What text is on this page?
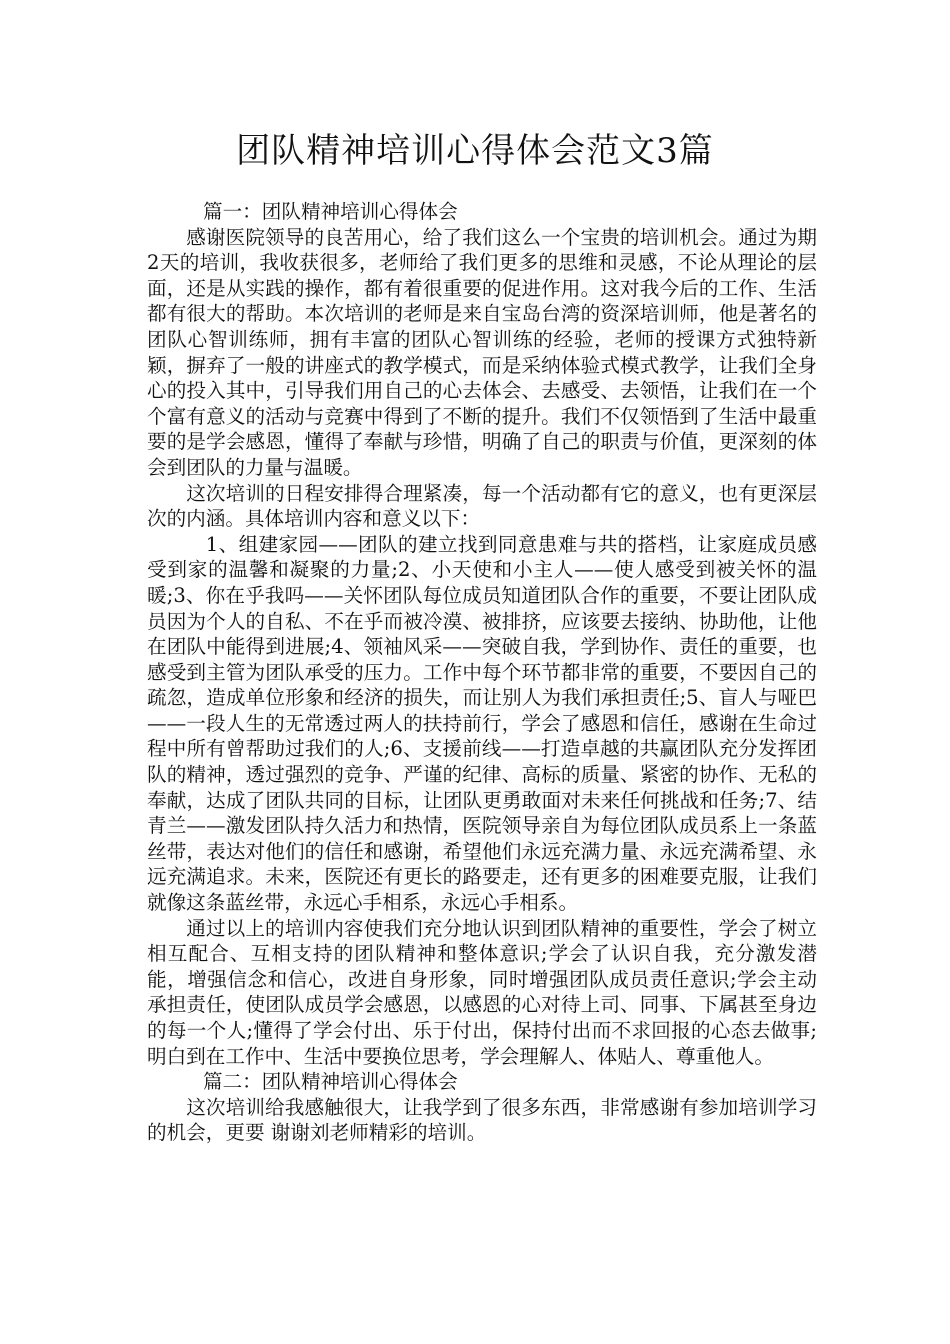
团队精神培训心得体会范文3篇

篇一：团队精神培训心得体会

感谢医院领导的良苦用心，给了我们这么一个宝贵的培训机会。通过为期2天的培训，我收获很多，老师给了我们更多的思维和灵感，不论从理论的层面，还是从实践的操作，都有着很重要的促进作用。这对我今后的工作、生活都有很大的帮助。本次培训的老师是来自宝岛台湾的资深培训师，他是著名的团队心智训练师，拥有丰富的团队心智训练的经验，老师的授课方式独特新颖，摒弃了一般的讲座式的教学模式，而是采纳体验式模式教学，让我们全身心的投入其中，引导我们用自己的心去体会、去感受、去领悟，让我们在一个个富有意义的活动与竞赛中得到了不断的提升。我们不仅领悟到了生活中最重要的是学会感恩，懂得了奉献与珍惜，明确了自己的职责与价值，更深刻的体会到团队的力量与温暖。

这次培训的日程安排得合理紧凑，每一个活动都有它的意义，也有更深层次的内涵。具体培训内容和意义以下：

1、组建家园——团队的建立找到同意患难与共的搭档，让家庭成员感受到家的温馨和凝聚的力量;2、小天使和小主人——使人感受到被关怀的温暖;3、你在乎我吗——关怀团队每位成员知道团队合作的重要，不要让团队成员因为个人的自私、不在乎而被冷漠、被排挤，应该要去接纳、协助他，让他在团队中能得到进展;4、领袖风采——突破自我，学到协作、责任的重要，也感受到主管为团队承受的压力。工作中每个环节都非常的重要，不要因自己的疏忽，造成单位形象和经济的损失，而让别人为我们承担责任;5、盲人与哑巴——一段人生的无常透过两人的扶持前行，学会了感恩和信任，感谢在生命过程中所有曾帮助过我们的人;6、支援前线——打造卓越的共赢团队充分发挥团队的精神，透过强烈的竞争、严谨的纪律、高标的质量、紧密的协作、无私的奉献，达成了团队共同的目标，让团队更勇敢面对未来任何挑战和任务;7、结青兰——激发团队持久活力和热情，医院领导亲自为每位团队成员系上一条蓝丝带，表达对他们的信任和感谢，希望他们永远充满力量、永远充满希望、永远充满追求。未来，医院还有更长的路要走，还有更多的困难要克服，让我们就像这条蓝丝带，永远心手相系，永远心手相系。

通过以上的培训内容使我们充分地认识到团队精神的重要性，学会了树立相互配合、互相支持的团队精神和整体意识;学会了认识自我，充分激发潜能，增强信念和信心，改进自身形象，同时增强团队成员责任意识;学会主动承担责任，使团队成员学会感恩，以感恩的心对待上司、同事、下属甚至身边的每一个人;懂得了学会付出、乐于付出，保持付出而不求回报的心态去做事;明白到在工作中、生活中要换位思考，学会理解人、体贴人、尊重他人。

篇二：团队精神培训心得体会

这次培训给我感触很大，让我学到了很多东西，非常感谢有参加培训学习的机会，更要 谢谢刘老师精彩的培训。
